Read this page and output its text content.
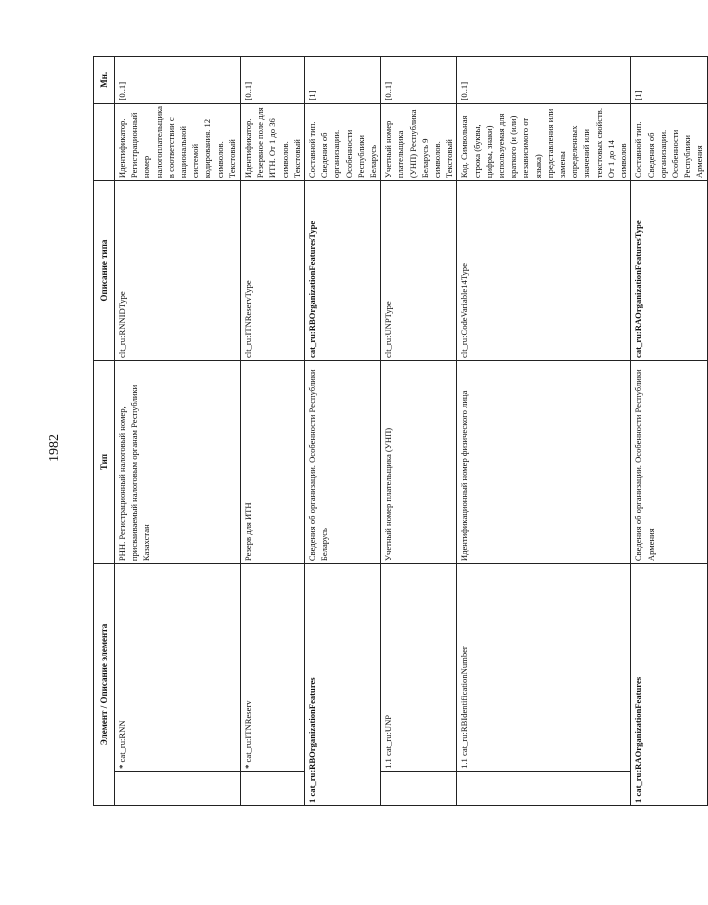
1982
Элемент / Описание элемента		Тип	Описание типа		Мн.
	* cat_ru:RNN	РНН. Регистрационный налоговый номер, присваиваемый налоговым органам Республики Казахстан	clt_ru:RNNIDType	Идентификатор. Регистрационный номер налогоплательщика в соответствии с национальной системой кодирования. 12 символов. Текстовый	[0..1]
	* cat_ru:ITNReserv	Резерв для ИТН	clt_ru:ITNReservType	Идентификатор. Резервное поле для ИТН. От 1 до 36 символов. Текстовый	[0..1]
1 cat_ru:RBOrganizationFeatures		Сведения об организации. Особенности Республики Беларусь	cat_ru:RBOrganizationFeaturesType	Составной тип. Сведения об организации. Особенности Республики Беларусь	[1]
	1.1 cat_ru:UNP	Учетный номер плательщика (УНП)	clt_ru:UNPType	Учетный номер плательщика (УНП) Республика Беларусь 9 символов. Текстовый	[0..1]
	1.1 cat_ru:RBIdentificationNumber	Идентификационный номер физического лица	clt_ru:CodeVariable14Type	Код. Символьная строка (буквы, цифры, знаки) используемая для краткого (и (или) независимого от языка) представления или замены определенных значений или текстовых свойств. От 1 до 14 символов	[0..1]
1 cat_ru:RAOrganizationFeatures		Сведения об организации. Особенности Республики Армения	cat_ru:RAOrganizationFeaturesType	Составной тип. Сведения об организации. Особенности Республики Армения	[1]
